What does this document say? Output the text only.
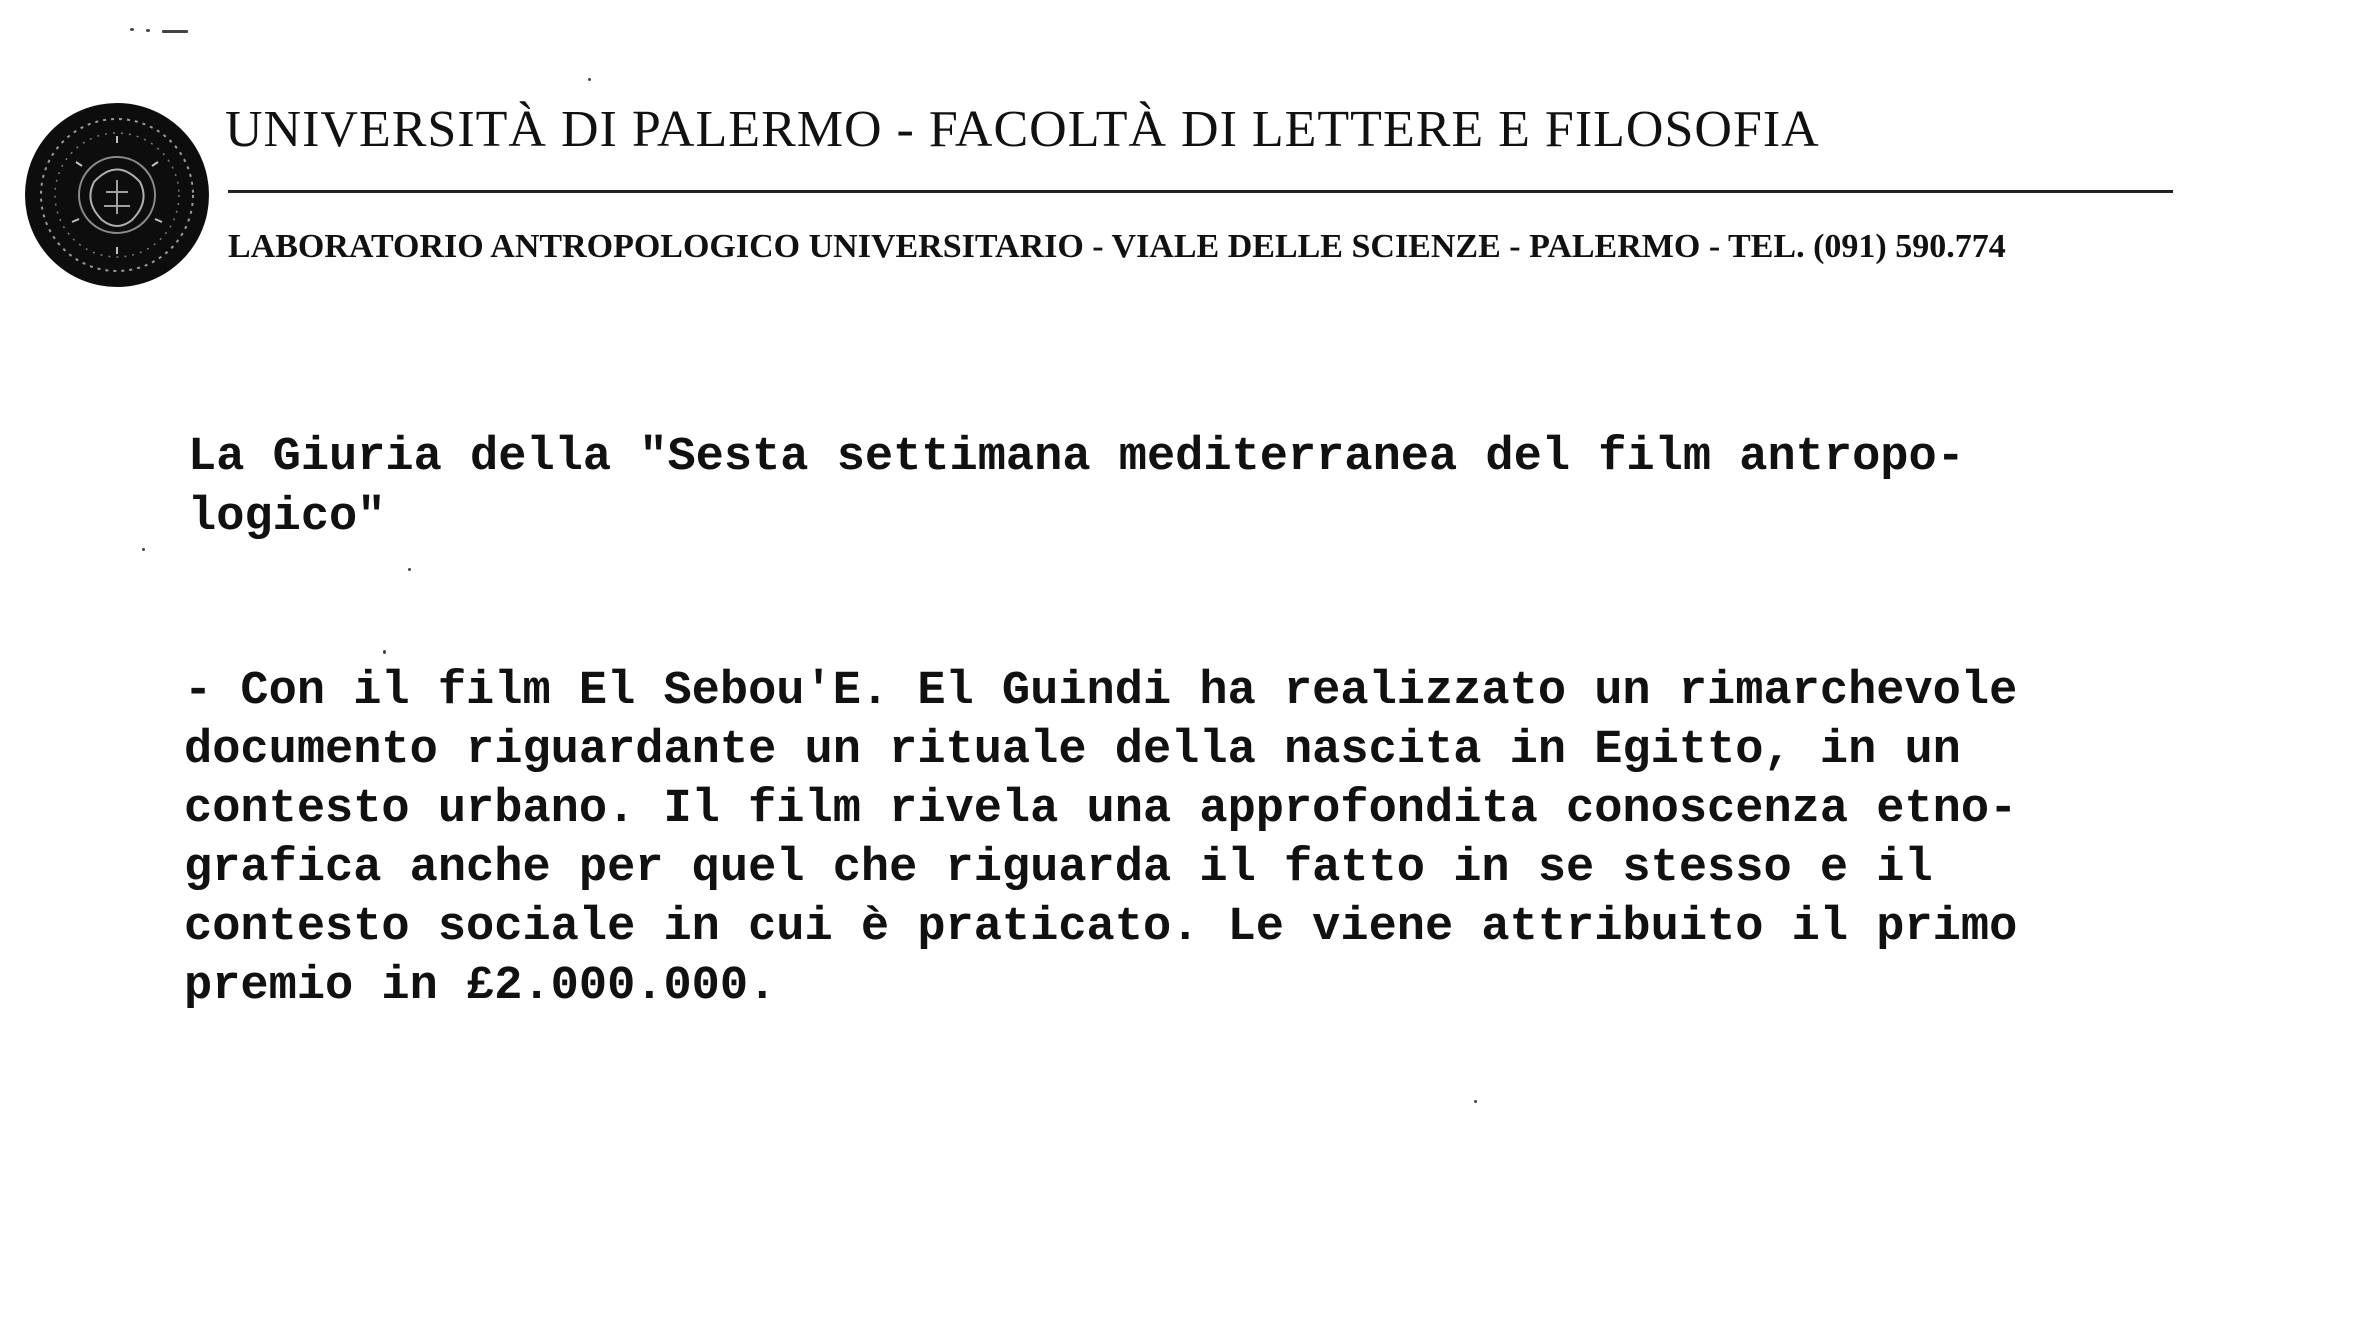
UNIVERSITÀ DI PALERMO - FACOLTÀ DI LETTERE E FILOSOFIA
LABORATORIO ANTROPOLOGICO UNIVERSITARIO - VIALE DELLE SCIENZE - PALERMO - TEL. (091) 590.774
La Giuria della "Sesta settimana mediterranea del film antropo-
logico"
- Con il film El Sebou'E. El Guindi ha realizzato un rimarchevole
documento riguardante un rituale della nascita in Egitto, in un
contesto urbano. Il film rivela una approfondita conoscenza etno-
grafica anche per quel che riguarda il fatto in se stesso e il
contesto sociale in cui è praticato. Le viene attribuito il primo
premio in £2.000.000.
